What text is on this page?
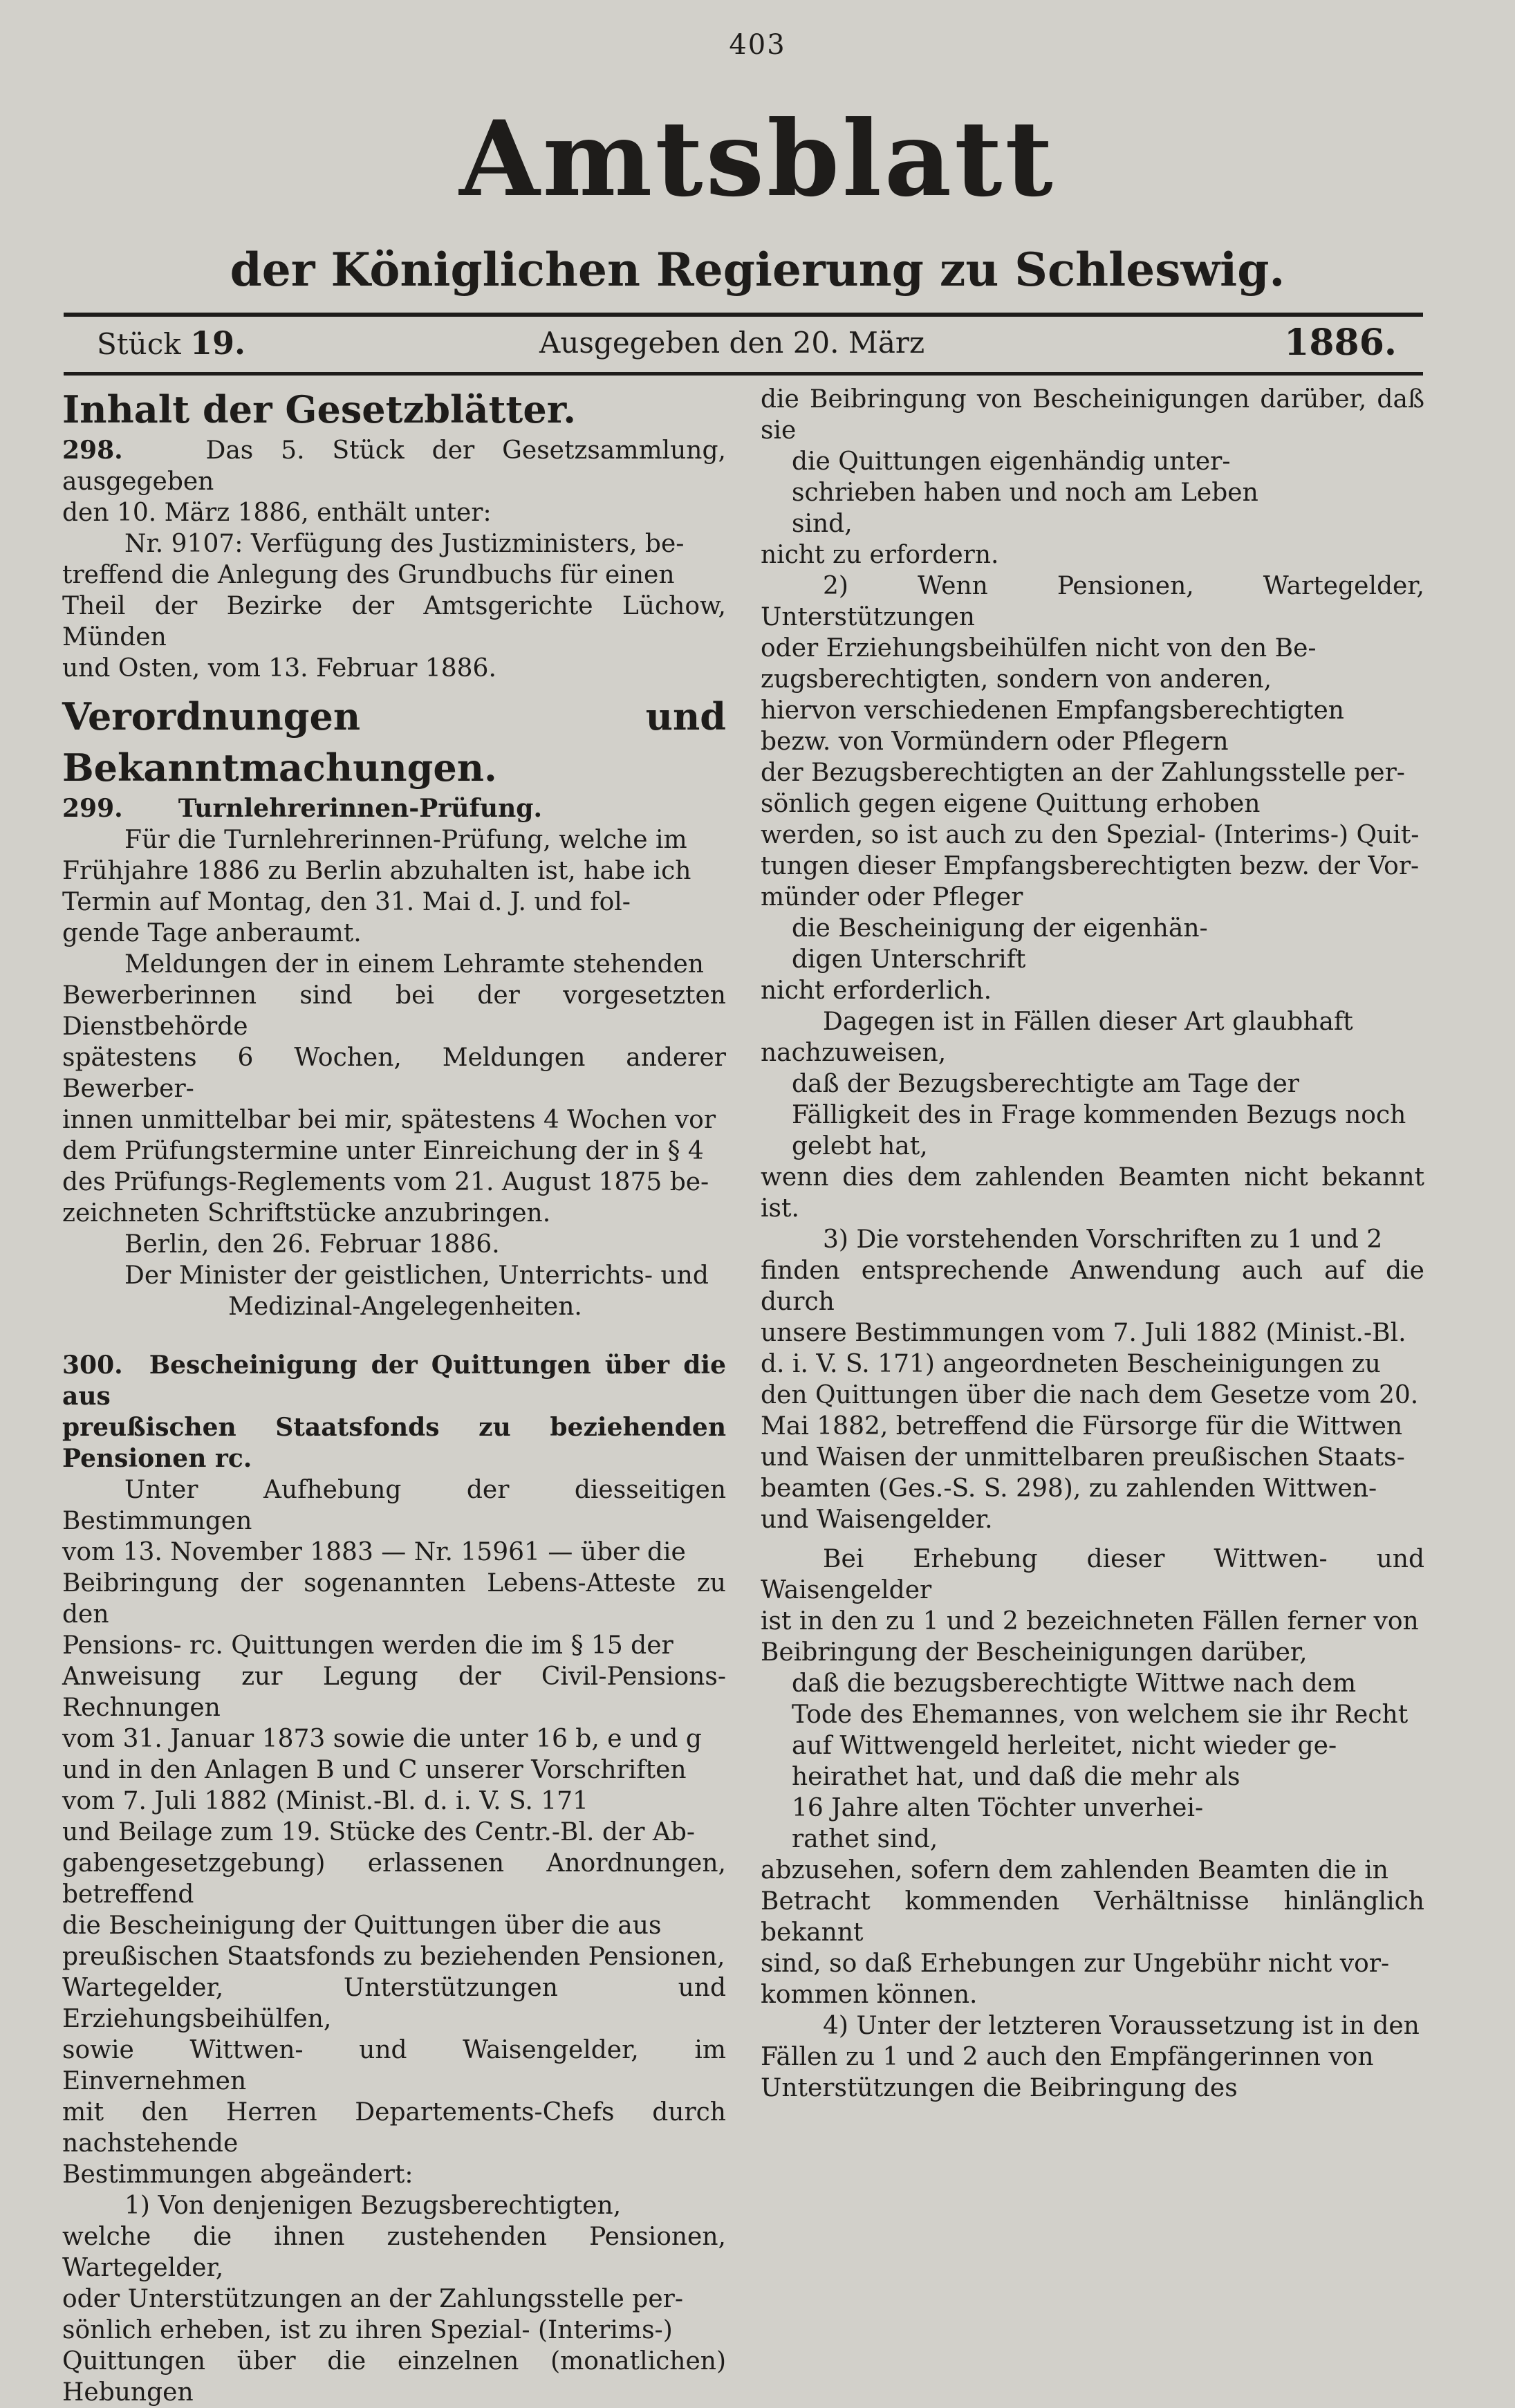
403
Amtsblatt
der Königlichen Regierung zu Schleswig.
Stück 19.	Ausgegeben den 20. März	1886.

Inhalt der Gesetzblätter.

298.	Das 5. Stück der Gesetzsammlung, ausgegeben

den 10. März 1886, enthält unter:

Nr. 9107: Verfügung des Justizministers, be-

treffend die Anlegung des Grundbuchs für einen

Theil der Bezirke der Amtsgerichte Lüchow, Münden

und Osten, vom 13. Februar 1886.

Verordnungen und Bekanntmachungen.

299. Turnlehrerinnen-Prüfung.

Für die Turnlehrerinnen-Prüfung, welche im

Frühjahre 1886 zu Berlin abzuhalten ist, habe ich

Termin auf Montag, den 31. Mai d. J. und fol-

gende Tage anberaumt.

Meldungen der in einem Lehramte stehenden

Bewerberinnen sind bei der vorgesetzten Dienstbehörde

spätestens 6 Wochen, Meldungen anderer Bewerber-

innen unmittelbar bei mir, spätestens 4 Wochen vor

dem Prüfungstermine unter Einreichung der in § 4

des Prüfungs-Reglements vom 21. August 1875 be-

zeichneten Schriftstücke anzubringen.

Berlin, den 26. Februar 1886.

Der Minister der geistlichen, Unterrichts- und

Medizinal-Angelegenheiten.

300. Bescheinigung der Quittungen über die aus

preußischen Staatsfonds zu beziehenden Pensionen rc.

Unter Aufhebung der diesseitigen Bestimmungen

vom 13. November 1883 — Nr. 15961 — über die

Beibringung der sogenannten Lebens-Atteste zu den

Pensions- rc. Quittungen werden die im § 15 der

Anweisung zur Legung der Civil-Pensions-Rechnungen

vom 31. Januar 1873 sowie die unter 16 b, e und g

und in den Anlagen B und C unserer Vorschriften

vom 7. Juli 1882 (Minist.-Bl. d. i. V. S. 171

und Beilage zum 19. Stücke des Centr.-Bl. der Ab-

gabengesetzgebung) erlassenen Anordnungen, betreffend

die Bescheinigung der Quittungen über die aus

preußischen Staatsfonds zu beziehenden Pensionen,

Wartegelder, Unterstützungen und Erziehungsbeihülfen,

sowie Wittwen- und Waisengelder, im Einvernehmen

mit den Herren Departements-Chefs durch nachstehende

Bestimmungen abgeändert:

1) Von denjenigen Bezugsberechtigten,

welche die ihnen zustehenden Pensionen, Wartegelder,

oder Unterstützungen an der Zahlungsstelle per-

sönlich erheben, ist zu ihren Spezial- (Interims-)

Quittungen über die einzelnen (monatlichen) Hebungen

die Beibringung von Bescheinigungen darüber, daß sie

die Quittungen eigenhändig unter-

schrieben haben und noch am Leben

sind,

nicht zu erfordern.

2) Wenn Pensionen, Wartegelder, Unterstützungen

oder Erziehungsbeihülfen nicht von den Be-

zugsberechtigten, sondern von anderen,

hiervon verschiedenen Empfangsberechtigten

bezw. von Vormündern oder Pflegern

der Bezugsberechtigten an der Zahlungsstelle per-

sönlich gegen eigene Quittung erhoben

werden, so ist auch zu den Spezial- (Interims-) Quit-

tungen dieser Empfangsberechtigten bezw. der Vor-

münder oder Pfleger

die Bescheinigung der eigenhän-

digen Unterschrift

nicht erforderlich.

Dagegen ist in Fällen dieser Art glaubhaft

nachzuweisen,

daß der Bezugsberechtigte am Tage der

Fälligkeit des in Frage kommenden Bezugs noch

gelebt hat,

wenn dies dem zahlenden Beamten nicht bekannt ist.

3) Die vorstehenden Vorschriften zu 1 und 2

finden entsprechende Anwendung auch auf die durch

unsere Bestimmungen vom 7. Juli 1882 (Minist.-Bl.

d. i. V. S. 171) angeordneten Bescheinigungen zu

den Quittungen über die nach dem Gesetze vom 20.

Mai 1882, betreffend die Fürsorge für die Wittwen

und Waisen der unmittelbaren preußischen Staats-

beamten (Ges.-S. S. 298), zu zahlenden Wittwen-

und Waisengelder.

Bei Erhebung dieser Wittwen- und Waisengelder

ist in den zu 1 und 2 bezeichneten Fällen ferner von

Beibringung der Bescheinigungen darüber,

daß die bezugsberechtigte Wittwe nach dem

Tode des Ehemannes, von welchem sie ihr Recht

auf Wittwengeld herleitet, nicht wieder ge-

heirathet hat, und daß die mehr als

16 Jahre alten Töchter unverhei-

rathet sind,

abzusehen, sofern dem zahlenden Beamten die in

Betracht kommenden Verhältnisse hinlänglich bekannt

sind, so daß Erhebungen zur Ungebühr nicht vor-

kommen können.

4) Unter der letzteren Voraussetzung ist in den

Fällen zu 1 und 2 auch den Empfängerinnen von

Unterstützungen die Beibringung des
